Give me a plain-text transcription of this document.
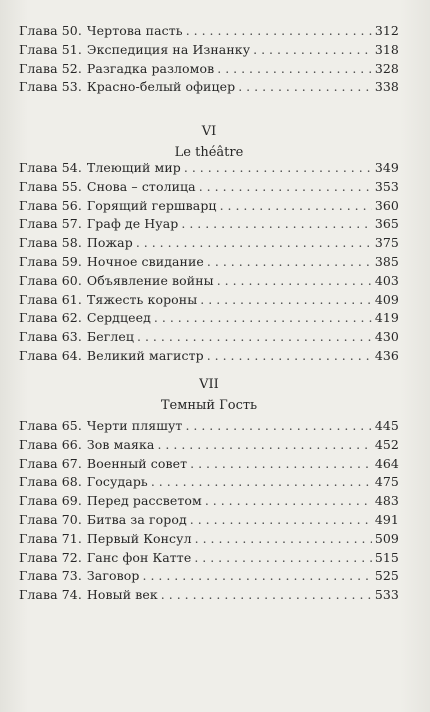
Глава 50. Чертова пасть . . .	312
Глава 51. Экспедиция на Изнанку . . .	318
Глава 52. Разгадка разломов . . .	328
Глава 53. Красно-белый офицер . . .	338
VI
Le théâtre
Глава 54. Тлеющий мир . . .	349
Глава 55. Снова – столица . . .	353
Глава 56. Горящий гершварц . . .	360
Глава 57. Граф де Нуар . . .	365
Глава 58. Пожар . . .	375
Глава 59. Ночное свидание . . .	385
Глава 60. Объявление войны . . .	403
Глава 61. Тяжесть короны . . .	409
Глава 62. Сердцеед . . .	419
Глава 63. Беглец . . .	430
Глава 64. Великий магистр . . .	436
VII
Темный Гость
Глава 65. Черти пляшут . . .	445
Глава 66. Зов маяка . . .	452
Глава 67. Военный совет . . .	464
Глава 68. Государь . . .	475
Глава 69. Перед рассветом . . .	483
Глава 70. Битва за город . . .	491
Глава 71. Первый Консул . . .	509
Глава 72. Ганс фон Катте . . .	515
Глава 73. Заговор . . .	525
Глава 74. Новый век . . .	533
